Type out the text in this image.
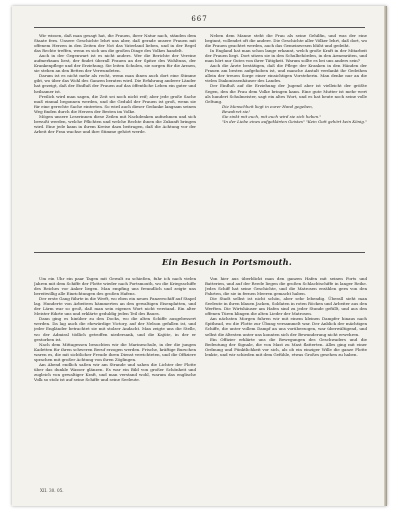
667

Wir wissen, daß man gesagt hat, die Frauen, ihrer Natur nach, ständen dem Staate fern. Unsere Geschichte lehrt uns aber, daß gerade unsere Frauen mit offenem Herzen in den Zeiten der Not das Vaterland lieben, und in der Regel das Rechte treffen, wenn es sich um die großen Dinge des Volkes handelt.

Auch in der Gegenwart ist es nicht anders. Wer die Berichte der Vereine aufmerksam liest, der findet überall Frauen an der Spitze des Wohltuns, der Krankenpflege und der Erziehung. Sie leiten Schulen, sie sorgen für die Armen, sie stehen an den Betten der Verwundeten.

Darum ist es nicht mehr als recht, wenn man ihnen auch dort eine Stimme gibt, wo über das Wohl des Ganzen beraten wird. Die Erfahrung anderer Länder hat gezeigt, daß der Einfluß der Frauen auf das öffentliche Leben ein guter und heilsamer ist.

Freilich wird man sagen, die Zeit sei noch nicht reif; aber jede große Sache muß einmal begonnen werden, und die Geduld der Frauen ist groß, wenn sie für eine gerechte Sache eintreten. So wird auch dieser Gedanke langsam seinen Weg finden durch die Herzen der Besten im Volke.

Mögen unsere Leserinnen diese Zeilen mit Nachdenken aufnehmen und sich bewußt werden, welche Pflichten und welche Rechte ihnen die Zukunft bringen wird. Eine jede kann in ihrem Kreise dazu beitragen, daß die Achtung vor der Arbeit der Frau wachse und ihre Stimme gehört werde.

Neben dem Manne steht die Frau als seine Gehilfin, und was der eine beginnt, vollendet oft die andere. Die Geschichte aller Völker lehrt, daß dort, wo die Frauen geachtet werden, auch das Gemeinwesen blüht und gedeiht.

In England hat man schon lange erkannt, welch große Kraft in der Mitarbeit der Frauen liegt. Dort sitzen sie in den Schulbehörden, in den Armenräten, und man hört nur Gutes von ihrer Tätigkeit. Warum sollte es bei uns anders sein?

Auch die Ärzte bestätigen, daß die Pflege der Kranken in den Händen der Frauen am besten aufgehoben ist, und manche Anstalt verdankt ihr Gedeihen allein der treuen Sorge einer einsichtigen Vorsteherin. Man denke nur an die vielen Diakonissenhäuser des Landes.

Der Einfluß auf die Erziehung der Jugend aber ist vielleicht der größte Segen, den die Frau dem Volke bringen kann. Eine gute Mutter ist mehr wert als hundert Schulmeister, sagt ein altes Wort, und es hat heute noch seine volle Geltung.

Die Menschheit liegt in eurer Hand gegeben,

Bewahret sie!

Sie sinkt mit euch, mit euch wird sie sich heben."

"In der Liebe eines aufgeklärten Geistes" "Kein Gott gehört kein König."

Ein Besuch in Portsmouth.

Um ein Uhr ein paar Tagen mit Gewalt zu schießen, fuhr ich nach vielen Jahren mit dem Schiffe der Flotte wieder nach Portsmouth, wo die Kriegsschiffe des Reiches vor Anker liegen. Man empfing uns freundlich und zeigte uns bereitwillig alle Einrichtungen des großen Hafens.

Der erste Gang führte in die Werft, wo eben ein neues Panzerschiff auf Stapel lag. Hunderte von Arbeitern hämmerten an den gewaltigen Eisenplatten, und der Lärm war so groß, daß man sein eigenes Wort nicht verstand. Ein alter Meister führte uns und erklärte geduldig jeden Teil des Baues.

Dann ging es hinüber zu den Docks, wo die alten Schiffe ausgebessert werden. Da lag auch die ehrwürdige Victory, auf der Nelson gefallen ist, und jeder Engländer betrachtet sie mit stolzer Andacht. Man zeigte uns die Stelle, wo der Admiral tödlich getroffen niedersank, und die Kajüte, in der er gestorben ist.

Nach dem Mittagessen besuchten wir die Marineschule, in der die jungen Kadetten für ihren schweren Beruf erzogen werden. Frische, kräftige Burschen waren es, die mit sichtlicher Freude ihren Dienst verrichteten, und die Offiziere sprachen mit großer Achtung von ihren Zöglingen.

Am Abend endlich saßen wir am Strande und sahen die Lichter der Flotte über das dunkle Wasser glänzen. Es war ein Bild von großer Schönheit und zugleich von gewaltiger Kraft, und man verstand wohl, warum das englische Volk so stolz ist auf seine Schiffe und seine Seeleute.

Von hier aus überblickt man den ganzen Hafen mit seinen Forts und Batterien, und auf der Reede liegen die großen Schlachtschiffe in langer Reihe. Jedes Schiff hat seine Geschichte, und die Matrosen erzählen gern von den Fahrten, die sie in fernen Meeren gemacht haben.

Die Stadt selbst ist nicht schön, aber sehr lebendig. Überall sieht man Seeleute in ihren blauen Jacken, Soldaten in roten Röcken und Arbeiter aus den Werften. Die Wirtshäuser am Hafen sind zu jeder Stunde gefüllt, und aus den offenen Türen klingen die alten Lieder der Matrosen.

Am nächsten Morgen fuhren wir mit einem kleinen Dampfer hinaus nach Spithead, wo die Flotte zur Übung versammelt war. Der Anblick der mächtigen Schiffe, die unter vollem Dampf an uns vorüberzogen, war überwältigend, und selbst die ältesten unter uns konnten sich der Bewunderung nicht erwehren.

Ein Offizier erklärte uns die Bewegungen des Geschwaders und die Bedeutung der Signale, die von Mast zu Mast flatterten. Alles ging mit einer Ordnung und Pünktlichkeit vor sich, als ob ein einziger Wille die ganze Flotte lenkte, und wir schieden mit dem Gefühle, etwas Großes gesehen zu haben.

XII. 30. 05.
